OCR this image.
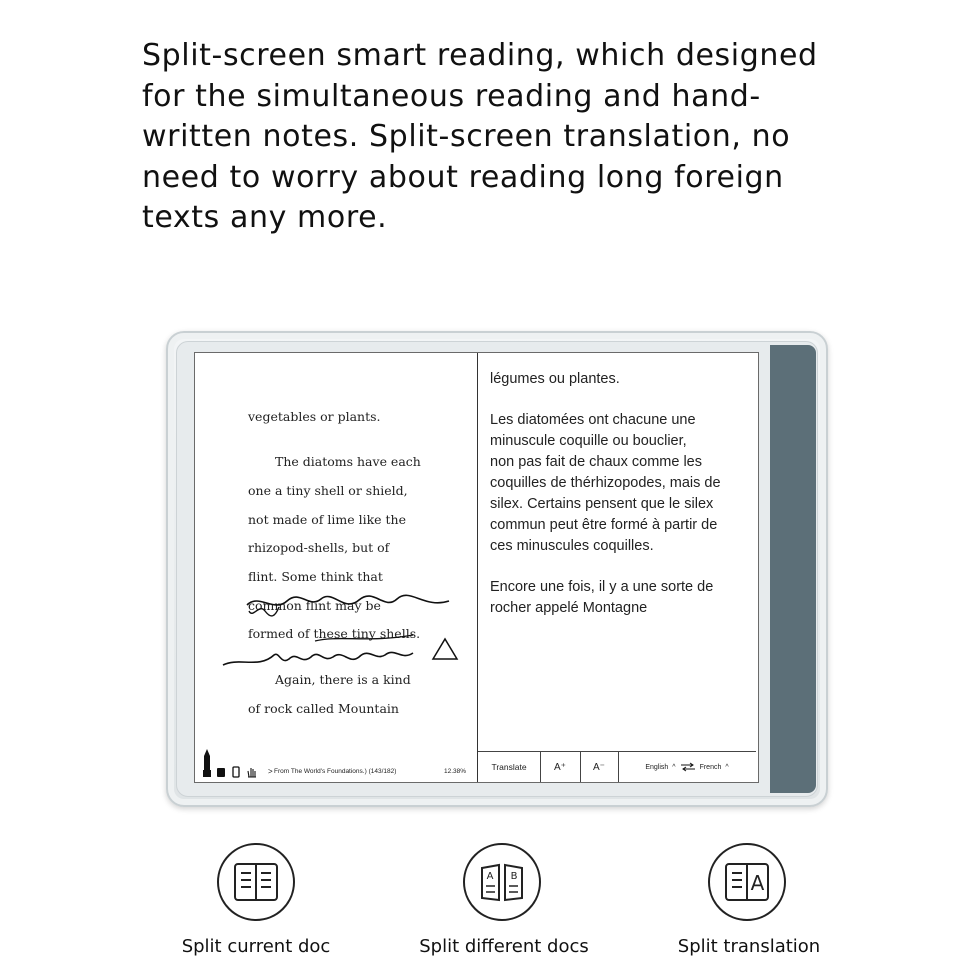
Split-screen smart reading, which designed
for the simultaneous reading and hand-
written notes. Split-screen translation, no
need to worry about reading long foreign
texts any more.
vegetables or plants.
The diatoms have each
one a tiny shell or shield,
not made of lime like the
rhizopod-shells, but of
flint. Some think that
common flint may be
formed of these tiny shells.
Again, there is a kind
of rock called Mountain
> From The World's Foundations.) (143/182)	12.38%
légumes ou plantes.
Les diatomées ont chacune une
minuscule coquille ou bouclier,
non pas fait de chaux comme les
coquilles de thérhizopodes, mais de
silex. Certains pensent que le silex
commun peut être formé à partir de
ces minuscules coquilles.
Encore une fois, il y a une sorte de
rocher appelé Montagne
Translate	A⁺	A⁻	English ^	French ^
Split current doc
A B
Split different docs
A
Split translation
